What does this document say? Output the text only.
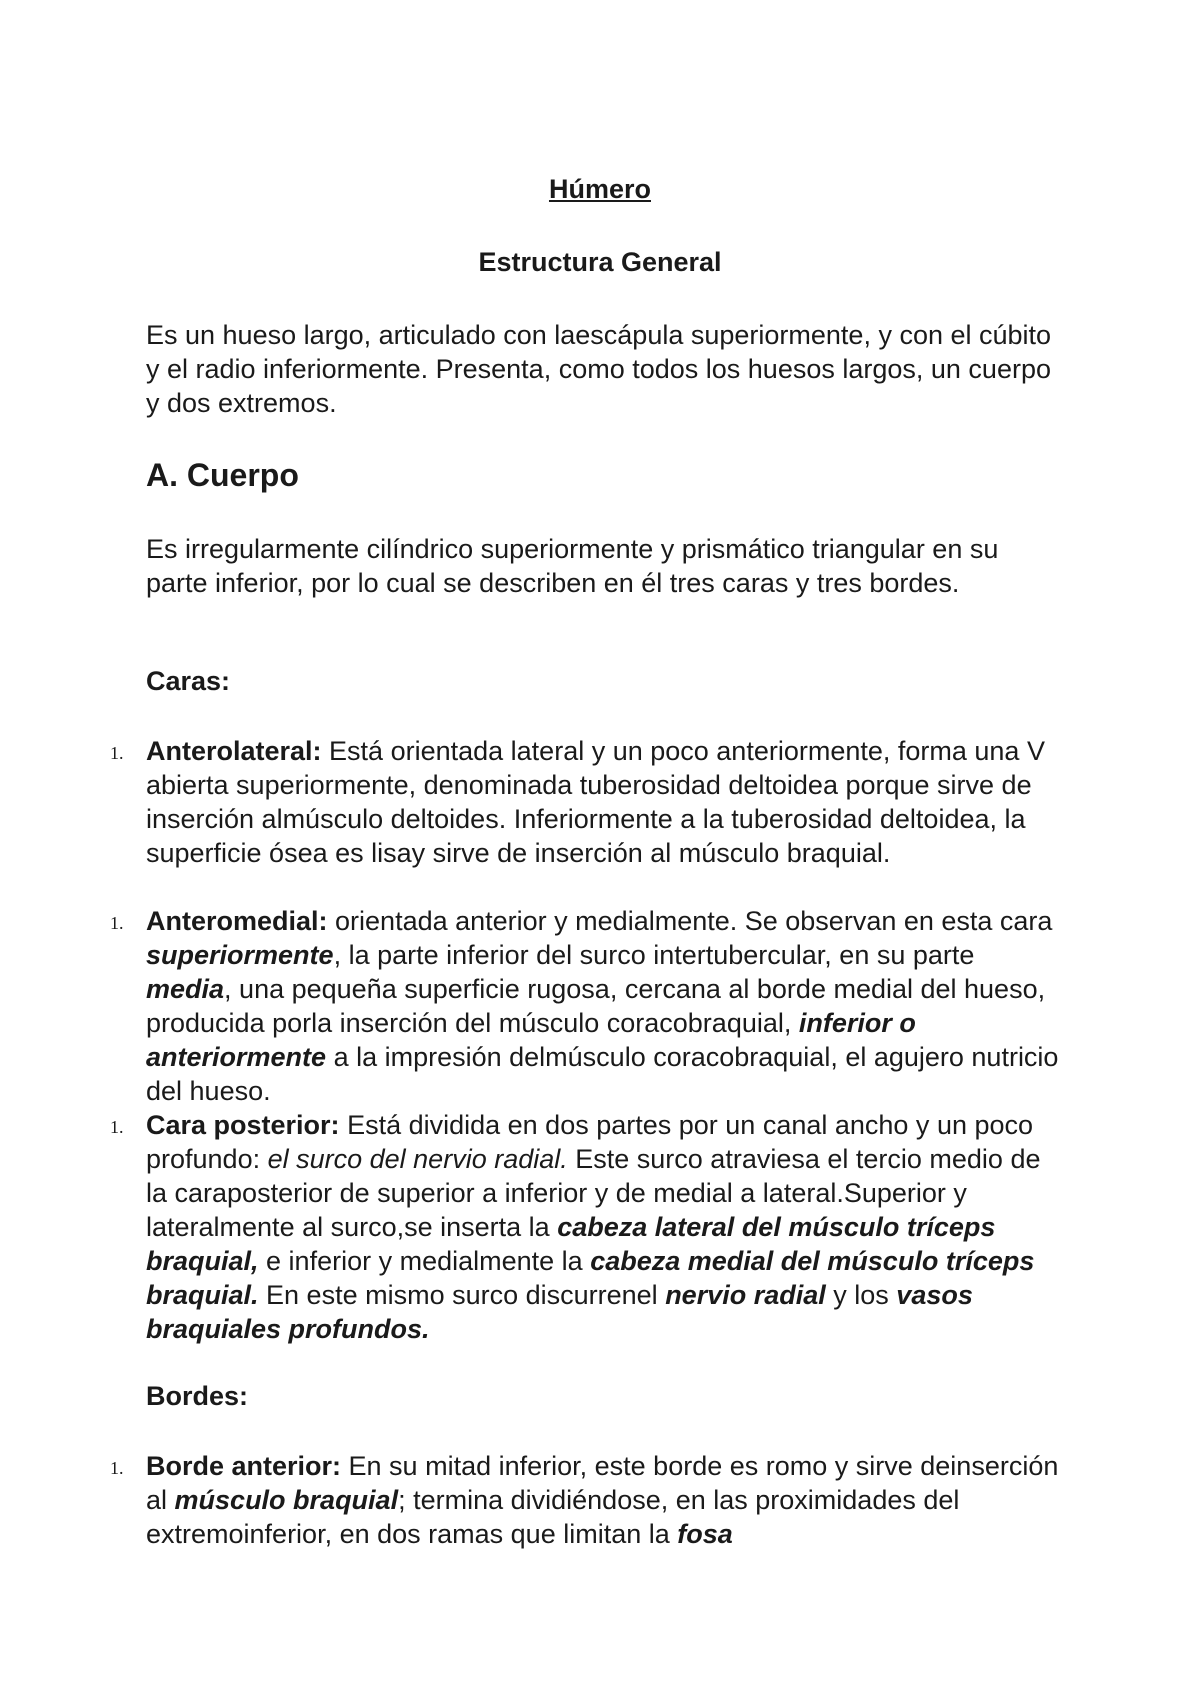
Húmero
Estructura General
Es un hueso largo, articulado con laescápula superiormente, y con el cúbito y el radio inferiormente. Presenta, como todos los huesos largos, un cuerpo y dos extremos.
A. Cuerpo
Es irregularmente cilíndrico superiormente y prismático triangular en su parte inferior, por lo cual se describen en él tres caras y tres bordes.
Caras:
1. Anterolateral: Está orientada lateral y un poco anteriormente, forma una V abierta superiormente, denominada tuberosidad deltoidea porque sirve de inserción almúsculo deltoides. Inferiormente a la tuberosidad deltoidea, la superficie ósea es lisay sirve de inserción al músculo braquial.
1. Anteromedial: orientada anterior y medialmente. Se observan en esta cara superiormente, la parte inferior del surco intertubercular, en su parte media, una pequeña superficie rugosa, cercana al borde medial del hueso, producida porla inserción del músculo coracobraquial, inferior o anteriormente a la impresión delmúsculo coracobraquial, el agujero nutricio del hueso.
1. Cara posterior: Está dividida en dos partes por un canal ancho y un poco profundo: el surco del nervio radial. Este surco atraviesa el tercio medio de la caraposterior de superior a inferior y de medial a lateral.Superior y lateralmente al surco,se inserta la cabeza lateral del músculo tríceps braquial, e inferior y medialmente la cabeza medial del músculo tríceps braquial. En este mismo surco discurrenel nervio radial y los vasos braquiales profundos.
Bordes:
1. Borde anterior: En su mitad inferior, este borde es romo y sirve deinserción al músculo braquial; termina dividiéndose, en las proximidades del extremoinferior, en dos ramas que limitan la fosa
